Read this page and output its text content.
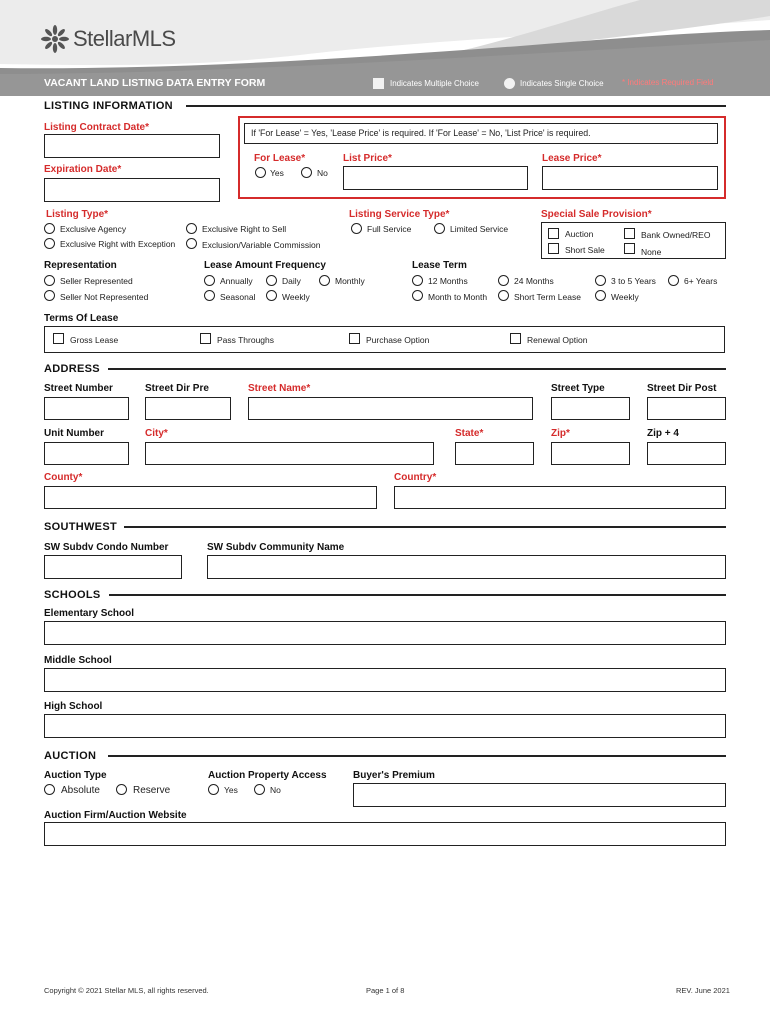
StellarMLS
VACANT LAND LISTING DATA ENTRY FORM	Indicates Multiple Choice	Indicates Single Choice * Indicates Required Field
LISTING INFORMATION
Listing Contract Date*
Expiration Date*
If 'For Lease' = Yes, 'Lease Price' is required. If 'For Lease' = No, 'List Price' is required.
For Lease*
Yes	No
List Price*	Lease Price*
Listing Type*
Exclusive Agency
Exclusive Right with Exception
Exclusive Right to Sell
Exclusion/Variable Commission
Listing Service Type*
Full Service	Limited Service
Special Sale Provision*
Auction	Bank Owned/REO
Short Sale	None
Representation
Seller Represented
Seller Not Represented
Lease Amount Frequency
Annually	Daily	Monthly
Seasonal	Weekly
Lease Term
12 Months	24 Months	3 to 5 Years	6+ Years
Month to Month	Short Term Lease	Weekly
Terms Of Lease
Gross Lease	Pass Throughs	Purchase Option	Renewal Option
ADDRESS
Street Number	Street Dir Pre	Street Name*	Street Type	Street Dir Post
Unit Number	City*	State*	Zip*	Zip + 4
County*	Country*
SOUTHWEST
SW Subdv Condo Number	SW Subdv Community Name
SCHOOLS
Elementary School
Middle School
High School
AUCTION
Auction Type
Absolute	Reserve
Auction Property Access
Yes	No
Buyer's Premium
Auction Firm/Auction Website
Copyright © 2021 Stellar MLS, all rights reserved.	Page 1 of 8	REV. June 2021
